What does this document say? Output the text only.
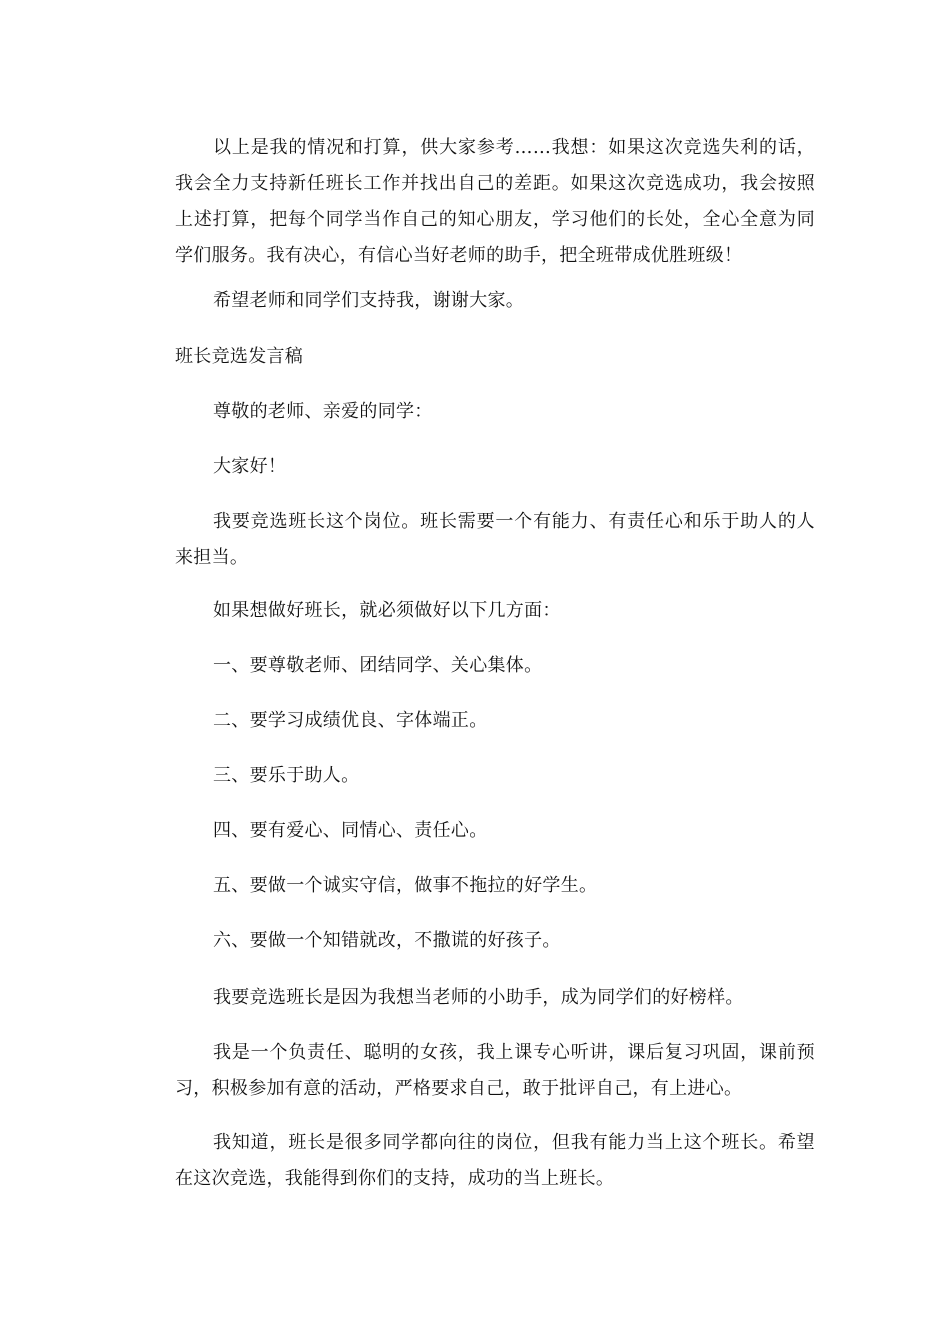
以上是我的情况和打算，供大家参考……我想：如果这次竞选失利的话，我会全力支持新任班长工作并找出自己的差距。如果这次竞选成功，我会按照上述打算，把每个同学当作自己的知心朋友，学习他们的长处，全心全意为同学们服务。我有决心，有信心当好老师的助手，把全班带成优胜班级！

希望老师和同学们支持我，谢谢大家。

班长竞选发言稿

尊敬的老师、亲爱的同学：

大家好！

我要竞选班长这个岗位。班长需要一个有能力、有责任心和乐于助人的人来担当。

如果想做好班长，就必须做好以下几方面：

一、要尊敬老师、团结同学、关心集体。

二、要学习成绩优良、字体端正。

三、要乐于助人。

四、要有爱心、同情心、责任心。

五、要做一个诚实守信，做事不拖拉的好学生。

六、要做一个知错就改，不撒谎的好孩子。

我要竞选班长是因为我想当老师的小助手，成为同学们的好榜样。

我是一个负责任、聪明的女孩，我上课专心听讲，课后复习巩固，课前预习，积极参加有意的活动，严格要求自己，敢于批评自己，有上进心。

我知道，班长是很多同学都向往的岗位，但我有能力当上这个班长。希望在这次竞选，我能得到你们的支持，成功的当上班长。
